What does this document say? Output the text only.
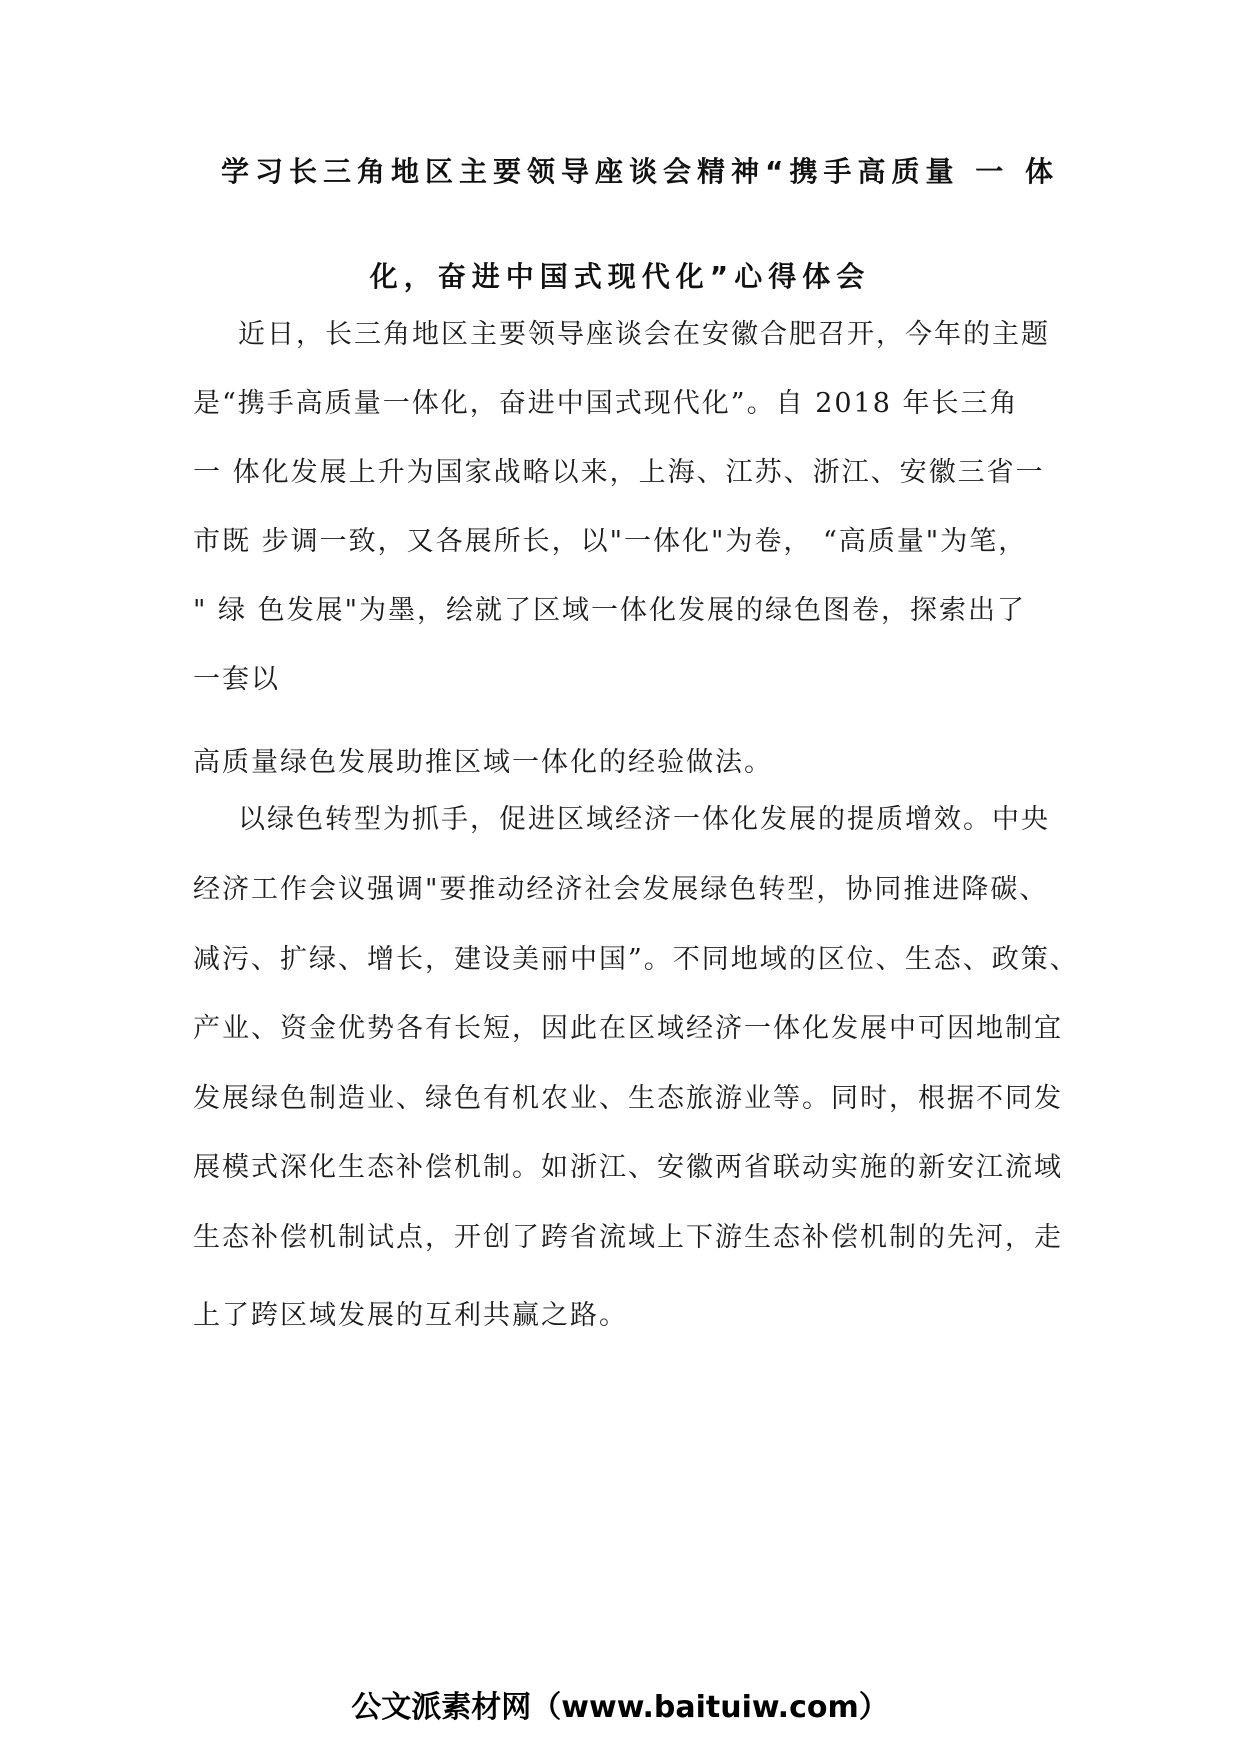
学习长三角地区主要领导座谈会精神“携手高质量 一 体
化，奋进中国式现代化”心得体会
近日，长三角地区主要领导座谈会在安徽合肥召开，今年的主题
是“携手高质量一体化，奋进中国式现代化”。自 2018 年长三角
一 体化发展上升为国家战略以来，上海、江苏、浙江、安徽三省一
市既 步调一致，又各展所长，以"一体化"为卷， “高质量"为笔，
" 绿 色发展"为墨，绘就了区域一体化发展的绿色图卷，探索出了
一套以
高质量绿色发展助推区域一体化的经验做法。
以绿色转型为抓手，促进区域经济一体化发展的提质增效。中央
经济工作会议强调"要推动经济社会发展绿色转型，协同推进降碳、
减污、扩绿、增长，建设美丽中国”。不同地域的区位、生态、政策、
产业、资金优势各有长短，因此在区域经济一体化发展中可因地制宜
发展绿色制造业、绿色有机农业、生态旅游业等。同时，根据不同发
展模式深化生态补偿机制。如浙江、安徽两省联动实施的新安江流域
生态补偿机制试点，开创了跨省流域上下游生态补偿机制的先河，走
上了跨区域发展的互利共赢之路。
公文派素材网（www.baituiw.com）
